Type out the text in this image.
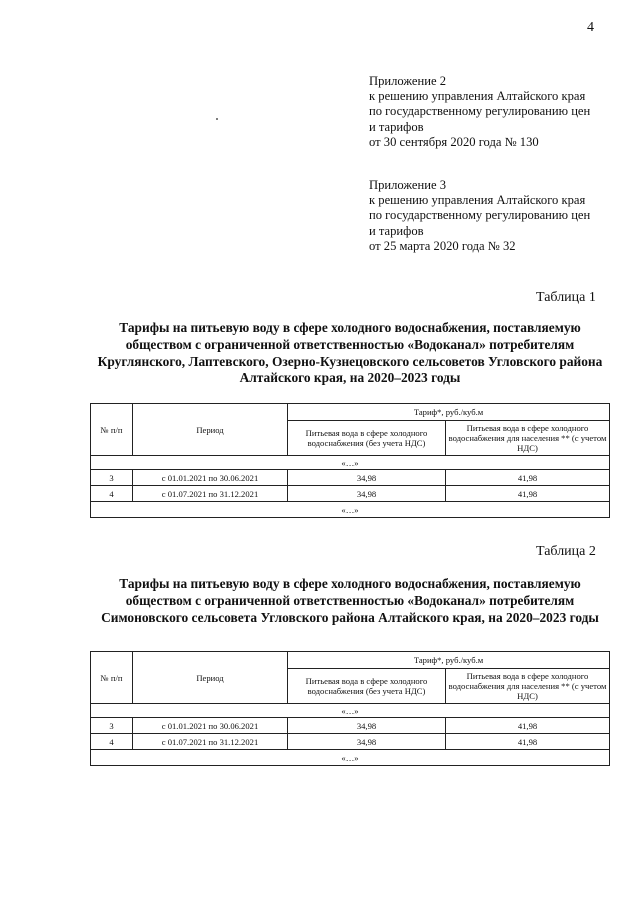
4
Приложение 2
к решению управления Алтайского края
по государственному регулированию цен
и тарифов
от 30 сентября 2020 года № 130
Приложение 3
к решению управления Алтайского края
по государственному регулированию цен
и тарифов
от 25 марта 2020 года № 32
Таблица 1
Тарифы на питьевую воду в сфере холодного водоснабжения, поставляемую
обществом с ограниченной ответственностью «Водоканал» потребителям
Круглянского, Лаптевского, Озерно-Кузнецовского сельсоветов Угловского района
Алтайского края, на 2020–2023 годы
№ п/п	Период	Тариф*, руб./куб.м	
		Питьевая вода в сфере холодного водоснабжения (без учета НДС)	Питьевая вода в сфере холодного водоснабжения для населения ** (с учетом НДС)
«…»			
3	с 01.01.2021 по 30.06.2021	34,98	41,98
4	с 01.07.2021 по 31.12.2021	34,98	41,98
«…»			
Таблица 2
Тарифы на питьевую воду в сфере холодного водоснабжения, поставляемую
обществом с ограниченной ответственностью «Водоканал» потребителям
Симоновского сельсовета Угловского района Алтайского края, на 2020–2023 годы
№ п/п	Период	Тариф*, руб./куб.м	
		Питьевая вода в сфере холодного водоснабжения (без учета НДС)	Питьевая вода в сфере холодного водоснабжения для населения ** (с учетом НДС)
«…»			
3	с 01.01.2021 по 30.06.2021	34,98	41,98
4	с 01.07.2021 по 31.12.2021	34,98	41,98
«…»			
